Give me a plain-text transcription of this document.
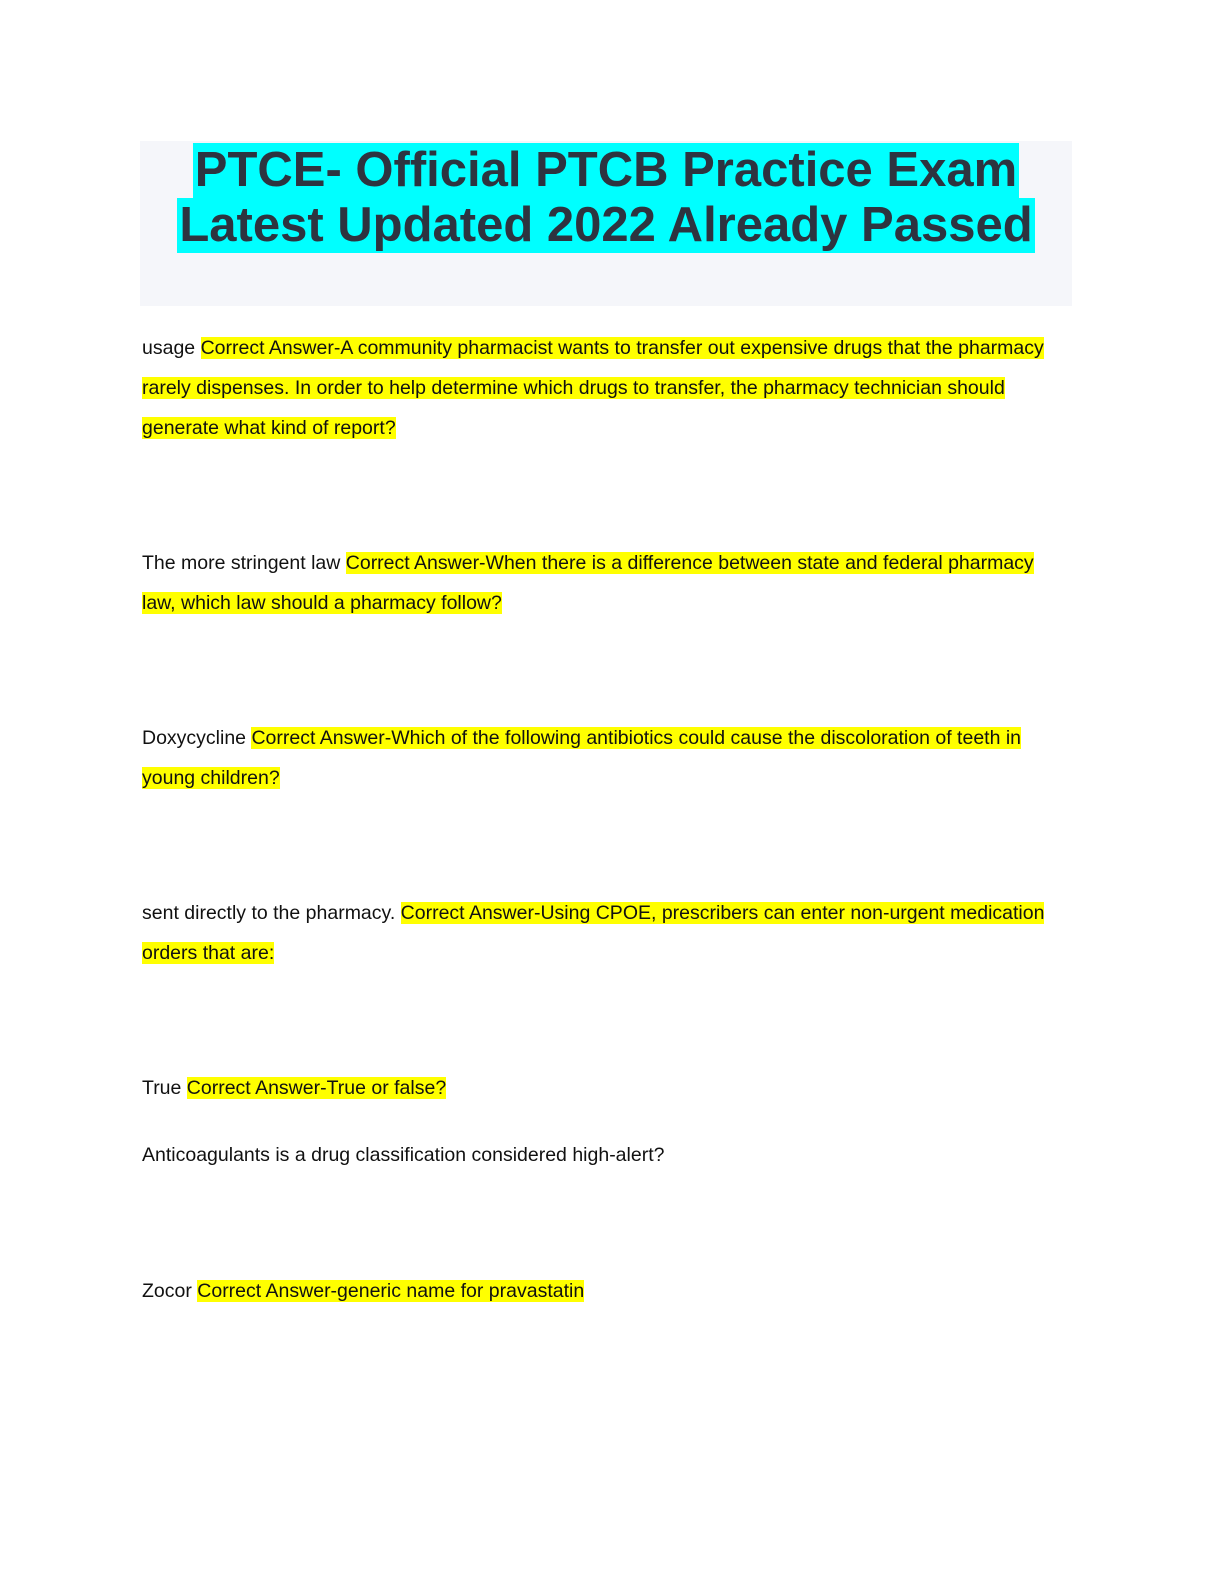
PTCE- Official PTCB Practice Exam
Latest Updated 2022 Already Passed
usage Correct Answer-A community pharmacist wants to transfer out expensive drugs that the pharmacy rarely dispenses. In order to help determine which drugs to transfer, the pharmacy technician should generate what kind of report?
The more stringent law Correct Answer-When there is a difference between state and federal pharmacy law, which law should a pharmacy follow?
Doxycycline Correct Answer-Which of the following antibiotics could cause the discoloration of teeth in young children?
sent directly to the pharmacy. Correct Answer-Using CPOE, prescribers can enter non-urgent medication orders that are:
True Correct Answer-True or false?
Anticoagulants is a drug classification considered high-alert?
Zocor Correct Answer-generic name for pravastatin
